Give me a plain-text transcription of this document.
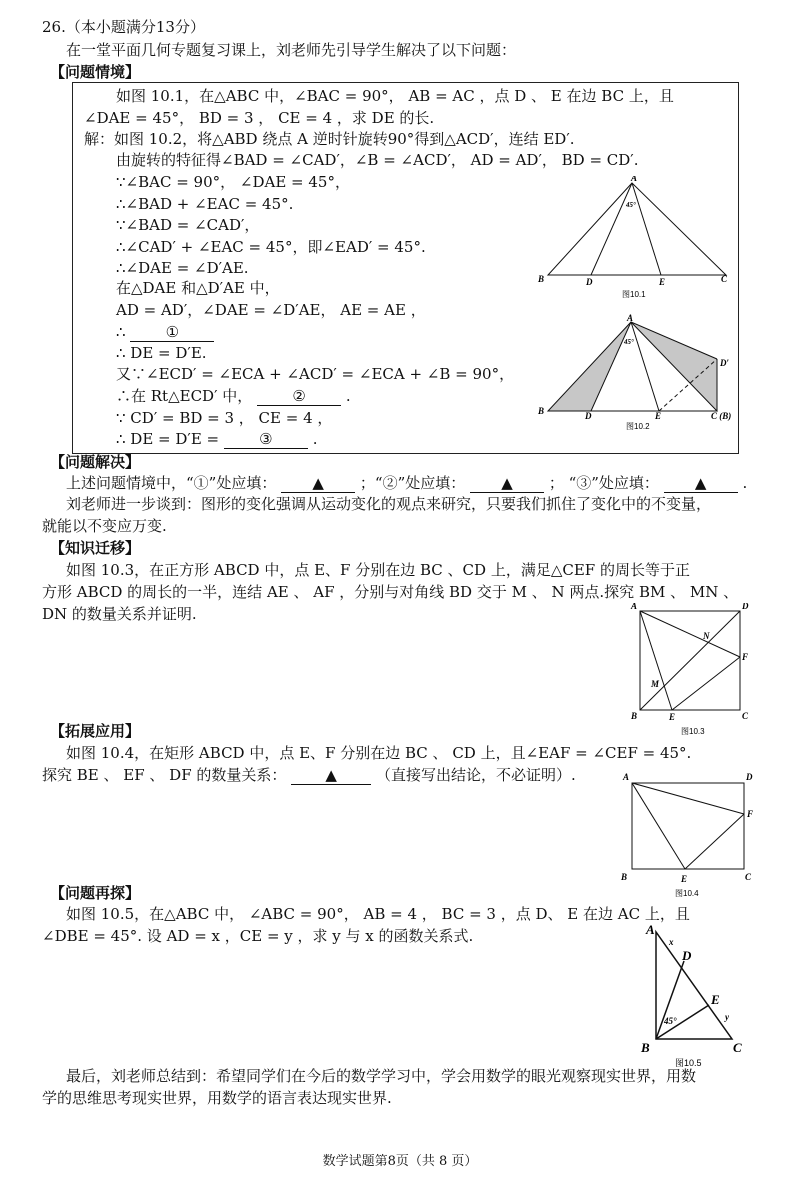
26.（本小题满分13分）
在一堂平面几何专题复习课上，刘老师先引导学生解决了以下问题：
【问题情境】
如图 10.1，在△ABC 中，∠BAC = 90°， AB = AC ，点 D 、 E 在边 BC 上，且
∠DAE = 45°， BD = 3 ， CE = 4 ，求 DE 的长.
解：如图 10.2，将△ABD 绕点 A 逆时针旋转90°得到△ACD′，连结 ED′.
由旋转的特征得∠BAD = ∠CAD′，∠B = ∠ACD′， AD = AD′， BD = CD′.
∵∠BAC = 90°， ∠DAE = 45°，
∴∠BAD + ∠EAC = 45°.
∵∠BAD = ∠CAD′，
∴∠CAD′ + ∠EAC = 45°，即∠EAD′ = 45°.
∴∠DAE = ∠D′AE.
在△DAE 和△D′AE 中，
AD = AD′，∠DAE = ∠D′AE， AE = AE ，
∴	①
∴ DE = D′E.
又∵∠ECD′ = ∠ECA + ∠ACD′ = ∠ECA + ∠B = 90°，
∴在 Rt△ECD′ 中，	②	.
∵ CD′ = BD = 3 ， CE = 4 ，
∴ DE = D′E =	③	.
A
45°
B	D	E	C
图10.1
A
45°
B	D	E	C (B)
D′
图10.2
【问题解决】
上述问题情境中，“①”处应填： ▲ ；“②”处应填： ▲ ； “③”处应填： ▲ .
刘老师进一步谈到：图形的变化强调从运动变化的观点来研究，只要我们抓住了变化中的不变量，
就能以不变应万变.
【知识迁移】
如图 10.3，在正方形 ABCD 中，点 E、F 分别在边 BC 、CD 上，满足△CEF 的周长等于正
方形 ABCD 的周长的一半，连结 AE 、 AF ，分别与对角线 BD 交于 M 、 N 两点.探究 BM 、 MN 、
DN 的数量关系并证明.	A	D
B	C
E
F
M
N
图10.3
【拓展应用】
如图 10.4，在矩形 ABCD 中，点 E、F 分别在边 BC 、 CD 上，且∠EAF = ∠CEF = 45°.
探究 BE 、 EF 、 DF 的数量关系：	▲	（直接写出结论，不必证明）.	A	D
B	C
E
F
图10.4
【问题再探】
如图 10.5，在△ABC 中， ∠ABC = 90°， AB = 4 ， BC = 3 ，点 D、 E 在边 AC 上，且
∠DBE = 45°. 设 AD = x ，CE = y ，求 y 与 x 的函数关系式.	A
x
D
E
y
45°
B	C
图10.5
最后，刘老师总结到：希望同学们在今后的数学学习中，学会用数学的眼光观察现实世界，用数
学的思维思考现实世界，用数学的语言表达现实世界.
数学试题第8页（共 8 页）
